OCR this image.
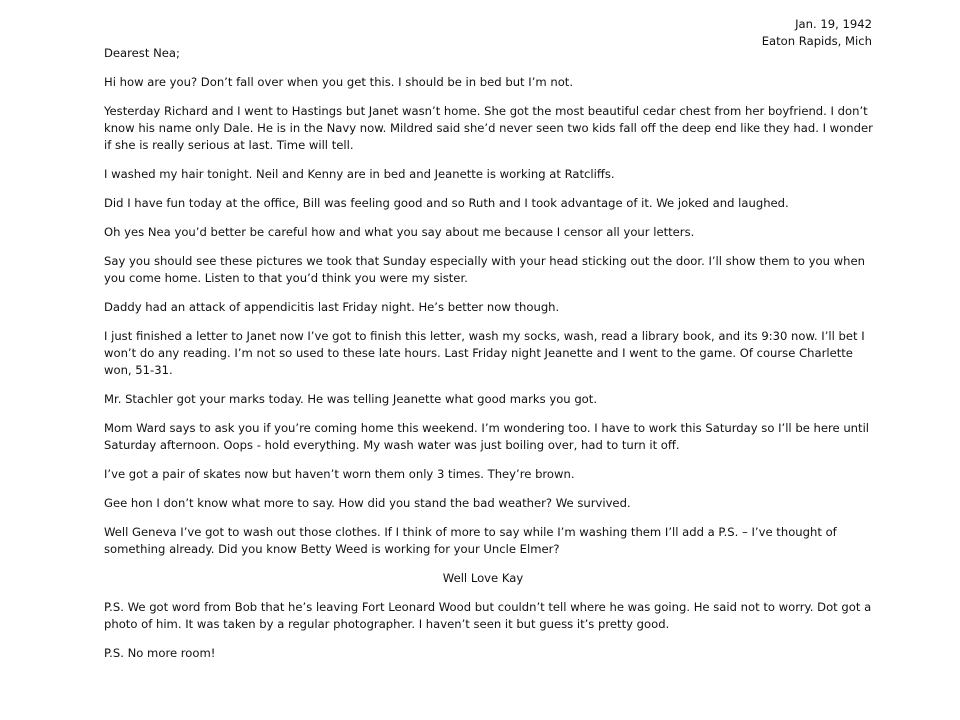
Jan. 19, 1942
Eaton Rapids, Mich

Dearest Nea;

Hi how are you? Don’t fall over when you get this. I should be in bed but I’m not.

Yesterday Richard and I went to Hastings but Janet wasn’t home. She got the most beautiful cedar chest from her boyfriend. I don’t know his name only Dale. He is in the Navy now. Mildred said she’d never seen two kids fall off the deep end like they had. I wonder if she is really serious at last. Time will tell.

I washed my hair tonight. Neil and Kenny are in bed and Jeanette is working at Ratcliffs.

Did I have fun today at the office, Bill was feeling good and so Ruth and I took advantage of it. We joked and laughed.

Oh yes Nea you’d better be careful how and what you say about me because I censor all your letters.

Say you should see these pictures we took that Sunday especially with your head sticking out the door. I’ll show them to you when you come home. Listen to that you’d think you were my sister.

Daddy had an attack of appendicitis last Friday night. He’s better now though.

I just finished a letter to Janet now I’ve got to finish this letter, wash my socks, wash, read a library book, and its 9:30 now. I’ll bet I won’t do any reading. I’m not so used to these late hours. Last Friday night Jeanette and I went to the game. Of course Charlette won, 51-31.

Mr. Stachler got your marks today. He was telling Jeanette what good marks you got.

Mom Ward says to ask you if you’re coming home this weekend. I’m wondering too. I have to work this Saturday so I’ll be here until Saturday afternoon. Oops - hold everything. My wash water was just boiling over, had to turn it off.

I’ve got a pair of skates now but haven’t worn them only 3 times. They’re brown.

Gee hon I don’t know what more to say. How did you stand the bad weather? We survived.

Well Geneva I’ve got to wash out those clothes. If I think of more to say while I’m washing them I’ll add a P.S. – I’ve thought of something already. Did you know Betty Weed is working for your Uncle Elmer?

Well Love Kay

P.S. We got word from Bob that he’s leaving Fort Leonard Wood but couldn’t tell where he was going. He said not to worry. Dot got a photo of him. It was taken by a regular photographer. I haven’t seen it but guess it’s pretty good.

P.S. No more room!
